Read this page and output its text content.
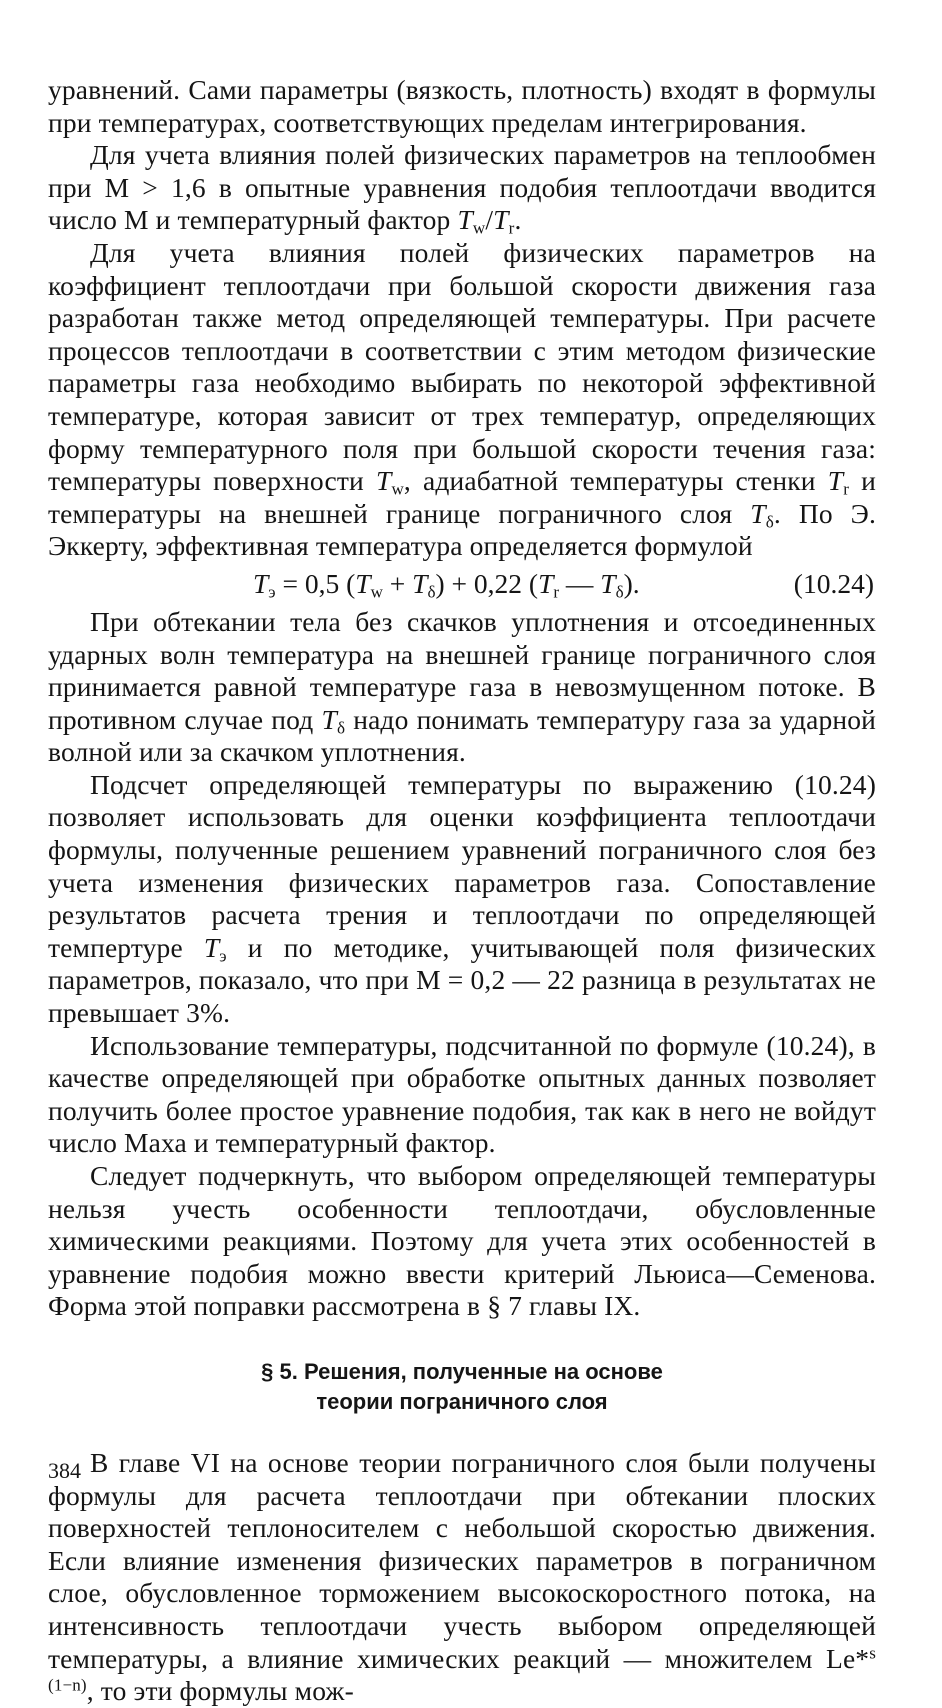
уравнений. Сами параметры (вязкость, плотность) входят в формулы при температурах, соответствующих пределам интегрирования.

Для учета влияния полей физических параметров на теплообмен при М > 1,6 в опытные уравнения подобия теплоотдачи вводится число М и температурный фактор $T_w/T_r$.

Для учета влияния полей физических параметров на коэффициент теплоотдачи при большой скорости движения газа разработан также метод определяющей температуры. При расчете процессов теплоотдачи в соответствии с этим методом физические параметры газа необходимо выбирать по некоторой эффективной температуре, которая зависит от трех температур, определяющих форму температурного поля при большой скорости течения газа: температуры поверхности $T_w$, адиабатной температуры стенки $T_r$ и температуры на внешней границе пограничного слоя $T_\delta$. По Э. Эккерту, эффективная температура определяется формулой

$T_э = 0,5$ $(T_w + T_\delta) + 0,22$ ($T_r$ — $T_\delta$).	(10.24)

При обтекании тела без скачков уплотнения и отсоединенных ударных волн температура на внешней границе пограничного слоя принимается равной температуре газа в невозмущенном потоке. В противном случае под $T_\delta$ надо понимать температуру газа за ударной волной или за скачком уплотнения.

Подсчет определяющей температуры по выражению (10.24) позволяет использовать для оценки коэффициента теплоотдачи формулы, полученные решением уравнений пограничного слоя без учета изменения физических параметров газа. Сопоставление результатов расчета трения и теплоотдачи по определяющей темпертуре $T_э$ и по методике, учитывающей поля физических параметров, показало, что при М = 0,2 — 22 разница в результатах не превышает 3%.

Использование температуры, подсчитанной по формуле (10.24), в качестве определяющей при обработке опытных данных позволяет получить более простое уравнение подобия, так как в него не войдут число Маха и температурный фактор.

Следует подчеркнуть, что выбором определяющей температуры нельзя учесть особенности теплоотдачи, обусловленные химическими реакциями. Поэтому для учета этих особенностей в уравнение подобия можно ввести критерий Льюиса—Семенова. Форма этой поправки рассмотрена в § 7 главы IX.

§ 5. Решения, полученные на основе
теории пограничного слоя

В главе VI на основе теории пограничного слоя были получены формулы для расчета теплоотдачи при обтекании плоских поверхностей теплоносителем с небольшой скоростью движения. Если влияние изменения физических параметров в пограничном слое, обусловленное торможением высокоскоростного потока, на интенсивность теплоотдачи учесть выбором определяющей температуры, а влияние химических реакций — множителем Le*$^{s (1-n)}$, то эти формулы мож-

384
